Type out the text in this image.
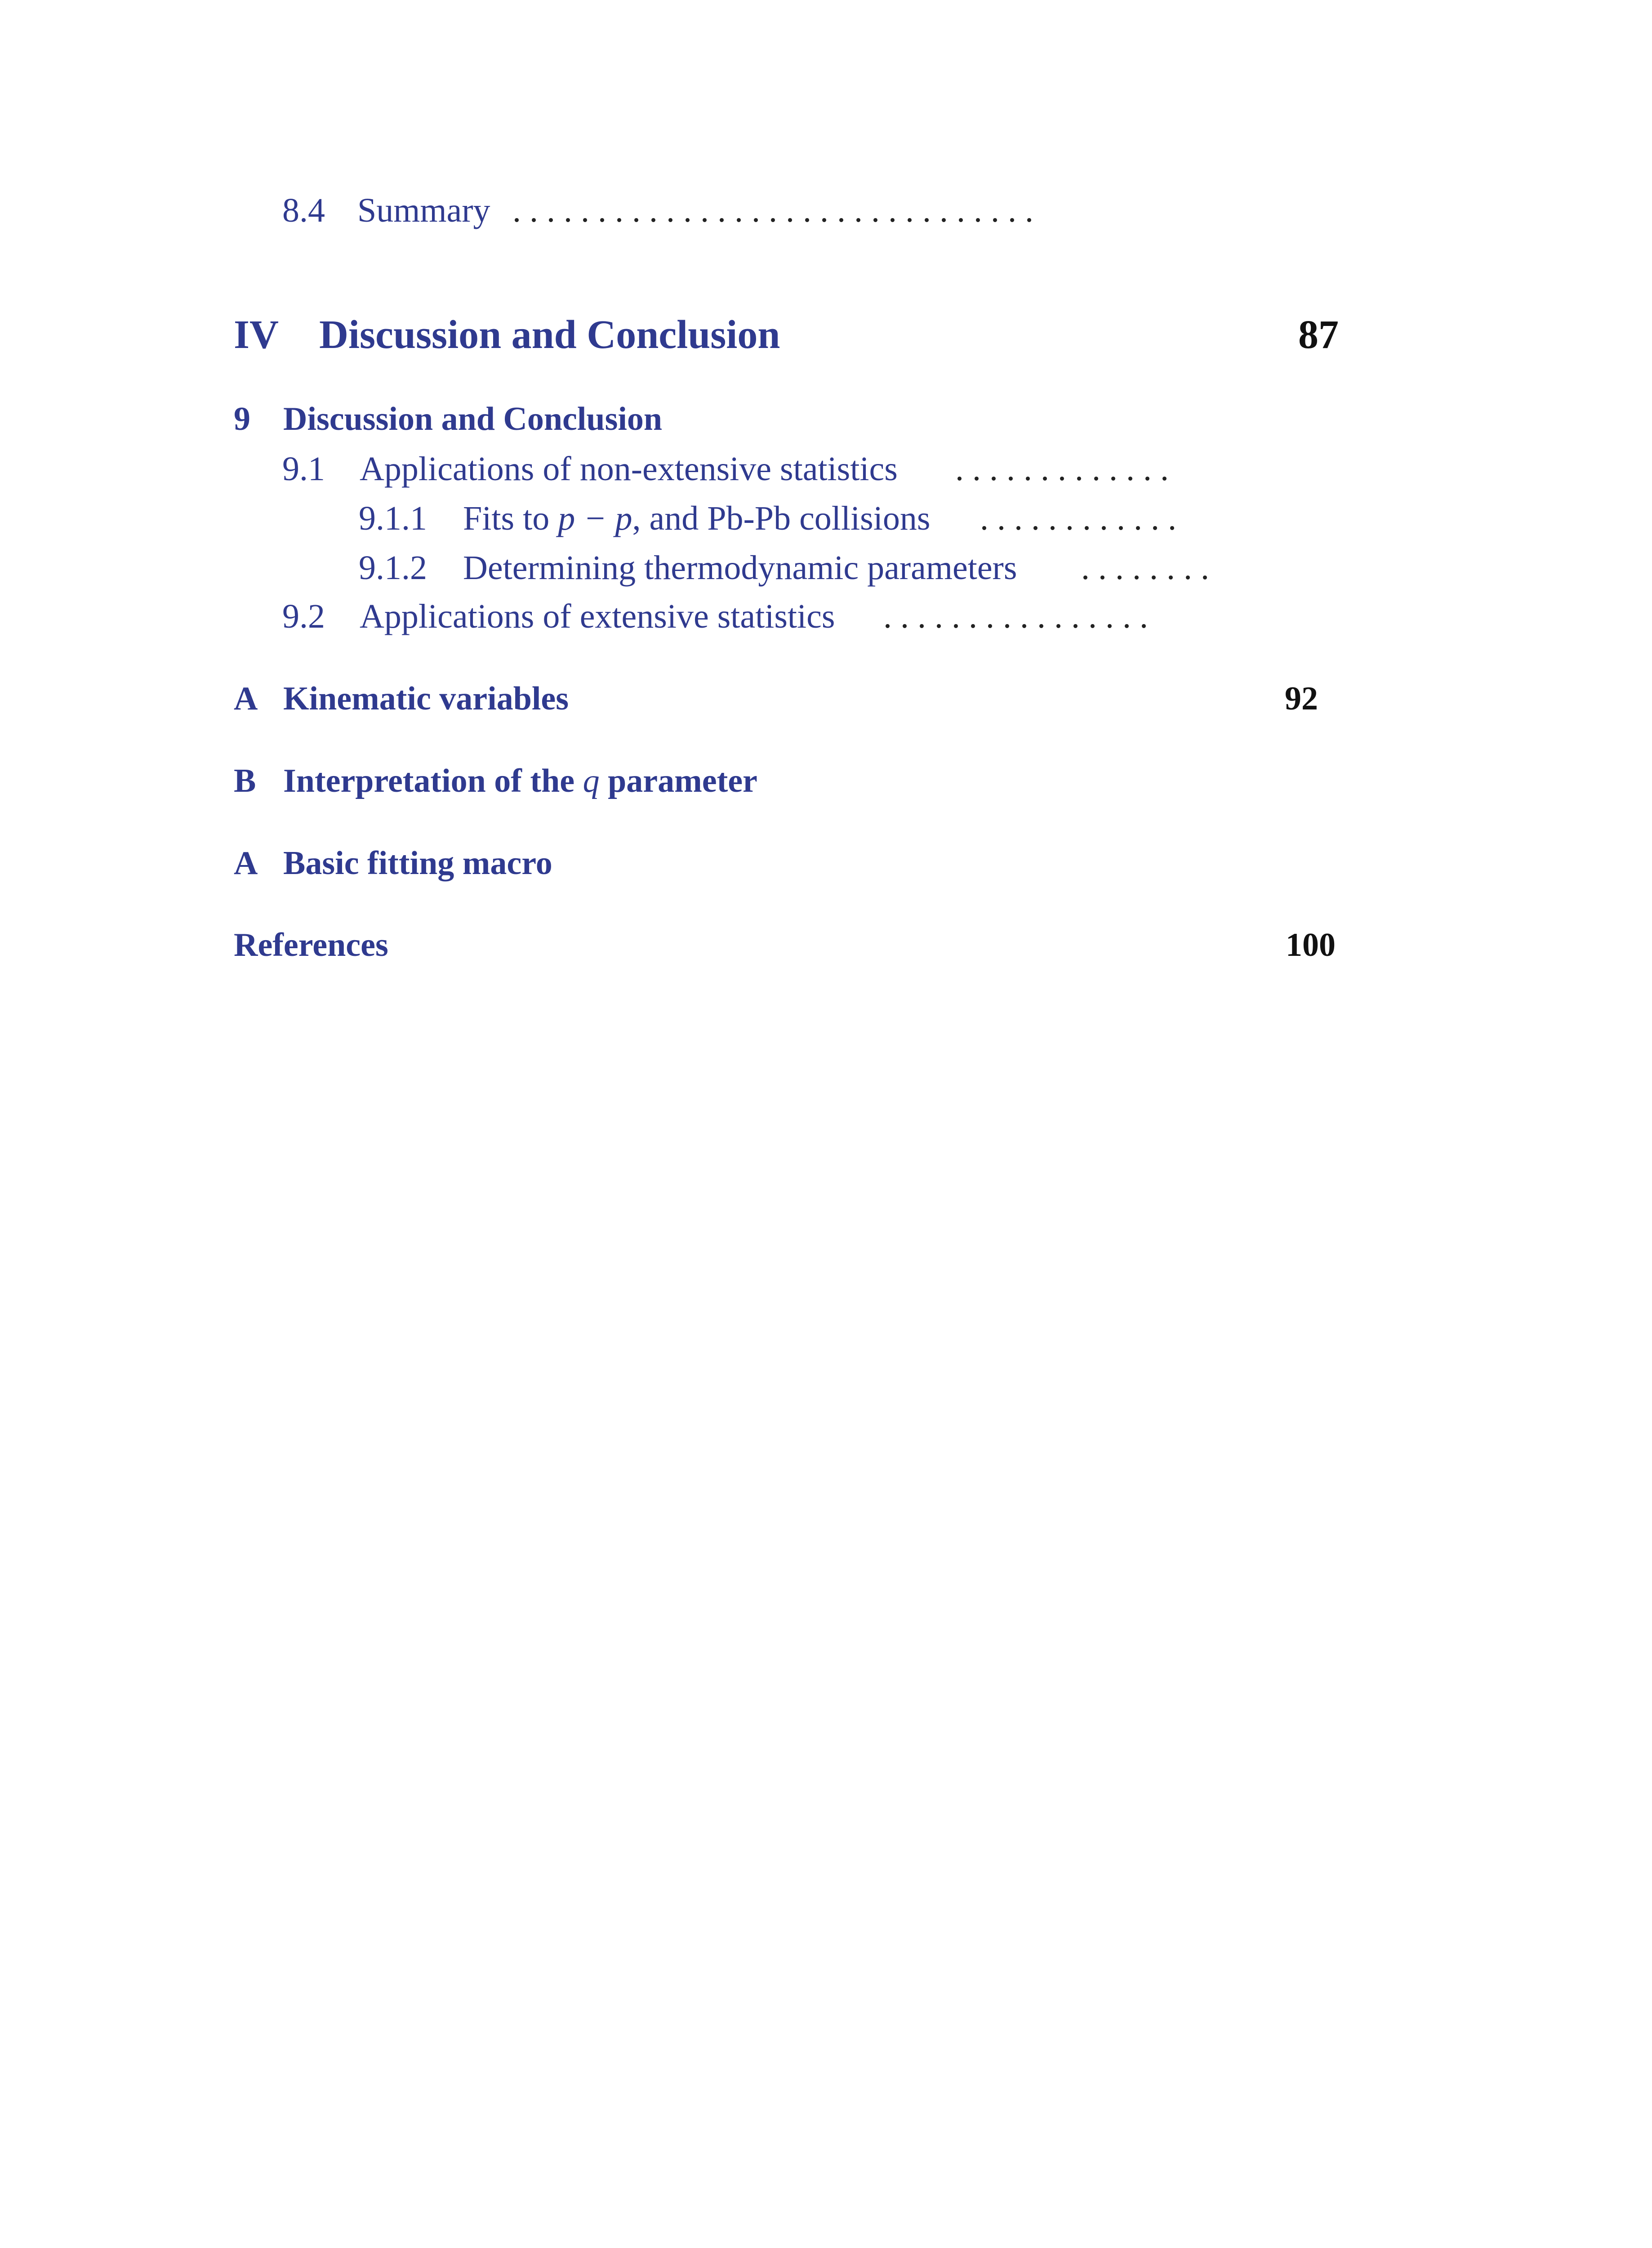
8.4 Summary . . . . . . . . . . . . . . . . . . . . . . . . . . . . . . .
IV Discussion and Conclusion	87
9 Discussion and Conclusion
9.1 Applications of non-extensive statistics . . . . . . . . . . . . .
9.1.1 Fits to p − p, and Pb-Pb collisions . . . . . . . . . . . .
9.1.2 Determining thermodynamic parameters . . . . . . . .
9.2 Applications of extensive statistics . . . . . . . . . . . . . . . .
A Kinematic variables	92
B Interpretation of the q parameter
A Basic fitting macro
References	100
